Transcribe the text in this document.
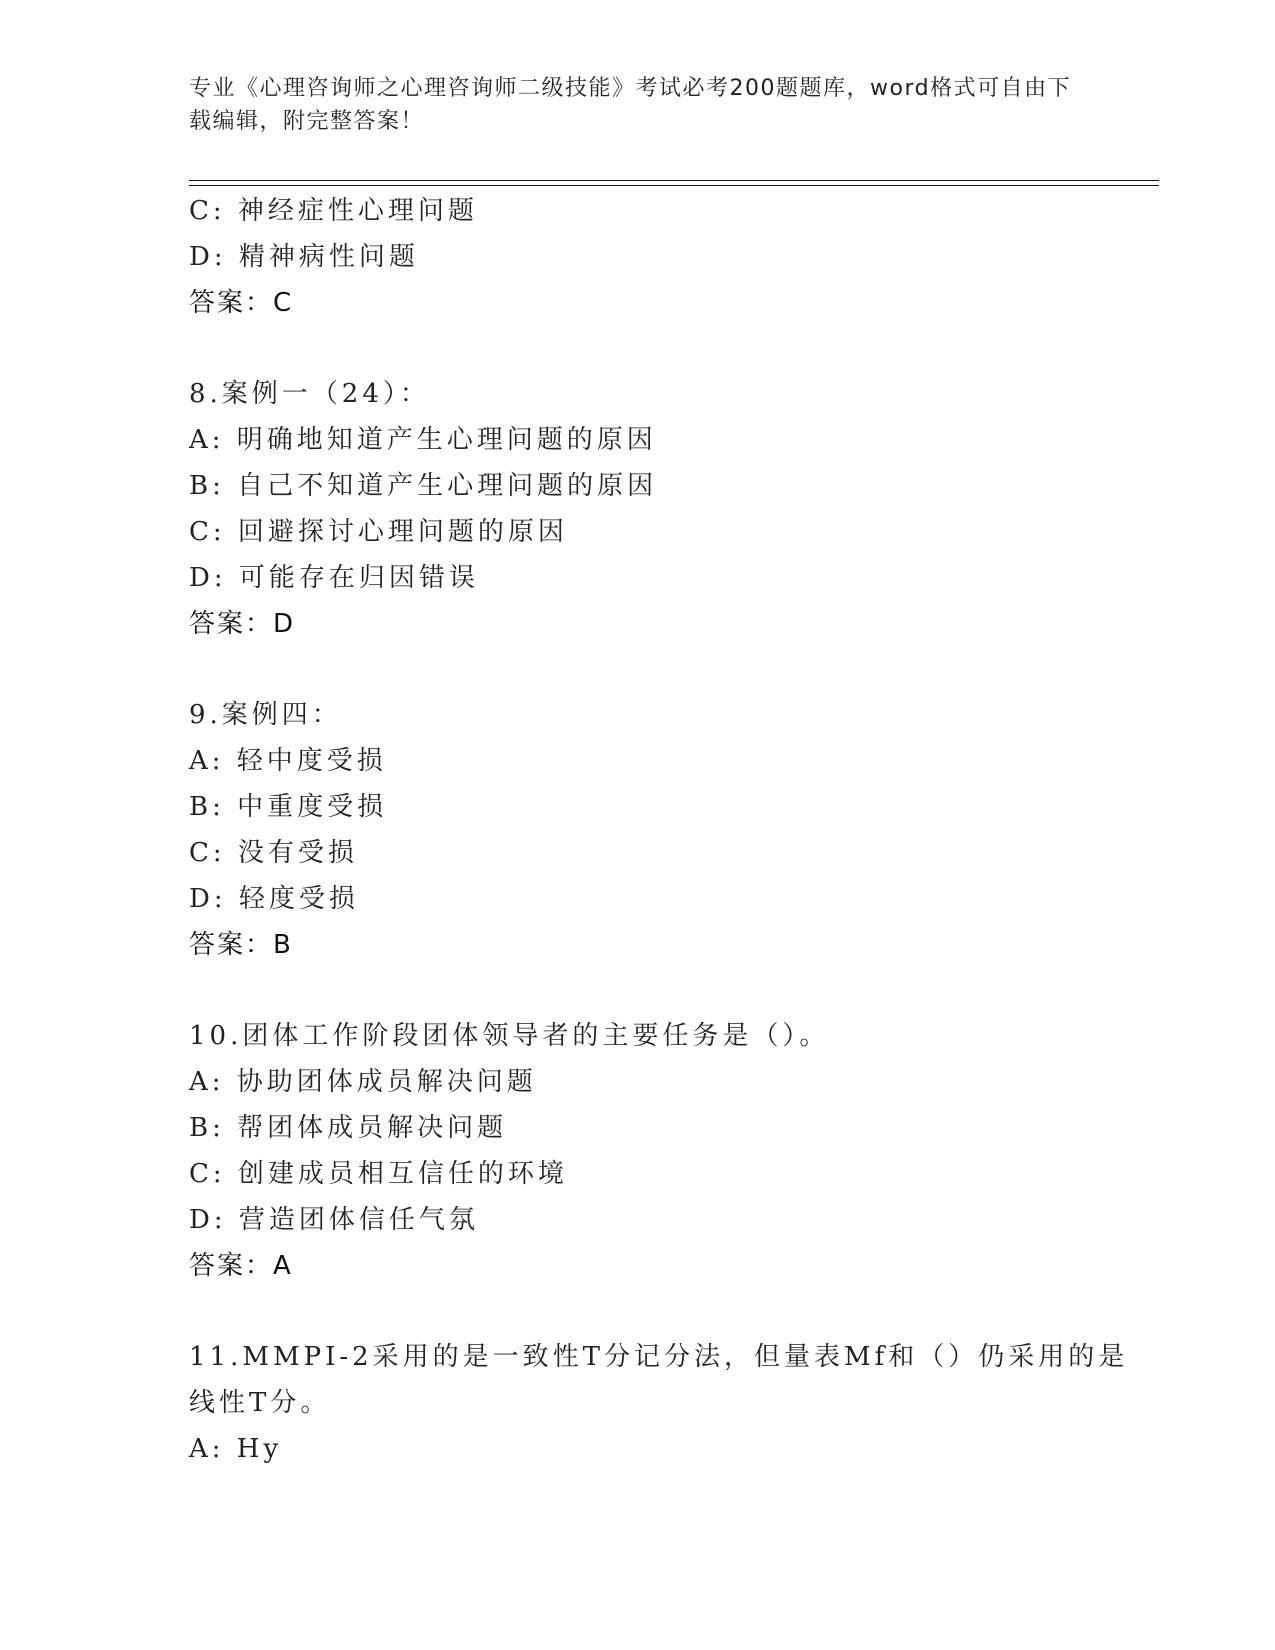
专业《心理咨询师之心理咨询师二级技能》考试必考200题题库，word格式可自由下载编辑，附完整答案！
C: 神经症性心理问题
D: 精神病性问题
答案：C
8.案例一（24）：
A: 明确地知道产生心理问题的原因
B: 自己不知道产生心理问题的原因
C: 回避探讨心理问题的原因
D: 可能存在归因错误
答案：D
9.案例四：
A: 轻中度受损
B: 中重度受损
C: 没有受损
D: 轻度受损
答案：B
10.团体工作阶段团体领导者的主要任务是（）。
A: 协助团体成员解决问题
B: 帮团体成员解决问题
C: 创建成员相互信任的环境
D: 营造团体信任气氛
答案：A
11.MMPI-2采用的是一致性T分记分法，但量表Mf和（）仍采用的是
线性T分。
A: Hy
